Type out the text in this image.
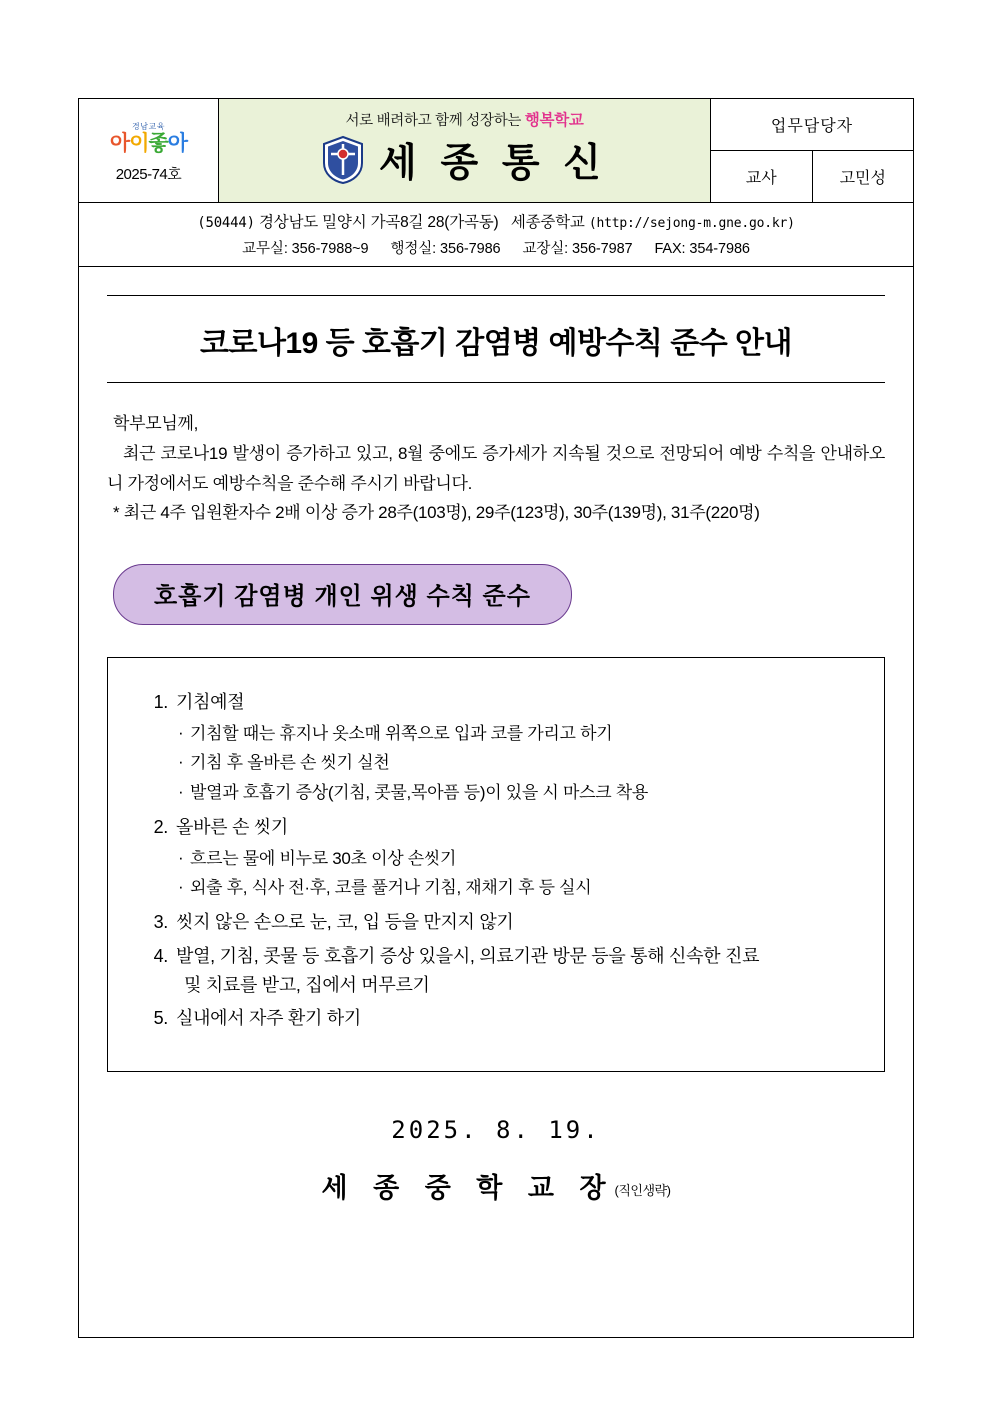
경남교육
아이좋아
2025-74호
서로 배려하고 함께 성장하는 행복학교
세 종 통 신
업무담당자
교사	고민성
(50444) 경상남도 밀양시 가곡8길 28(가곡동) 세종중학교 (http://sejong-m.gne.go.kr)
교무실: 356-7988~9 행정실: 356-7986 교장실: 356-7987 FAX: 354-7986
코로나19 등 호흡기 감염병 예방수칙 준수 안내

학부모님께,

최근 코로나19 발생이 증가하고 있고, 8월 중에도 증가세가 지속될 것으로 전망되어 예방 수칙을 안내하오니 가정에서도 예방수칙을 준수해 주시기 바랍니다.

* 최근 4주 입원환자수 2배 이상 증가 28주(103명), 29주(123명), 30주(139명), 31주(220명)

호흡기 감염병 개인 위생 수칙 준수
1. 기침예절
· 기침할 때는 휴지나 옷소매 위쪽으로 입과 코를 가리고 하기
· 기침 후 올바른 손 씻기 실천
· 발열과 호흡기 증상(기침, 콧물,목아픔 등)이 있을 시 마스크 착용
2. 올바른 손 씻기
· 흐르는 물에 비누로 30초 이상 손씻기
· 외출 후, 식사 전·후, 코를 풀거나 기침, 재채기 후 등 실시
3. 씻지 않은 손으로 눈, 코, 입 등을 만지지 않기
4. 발열, 기침, 콧물 등 호흡기 증상 있을시, 의료기관 방문 등을 통해 신속한 진료
및 치료를 받고, 집에서 머무르기
5. 실내에서 자주 환기 하기
2025. 8. 19.
세 종 중 학 교 장(직인생략)
